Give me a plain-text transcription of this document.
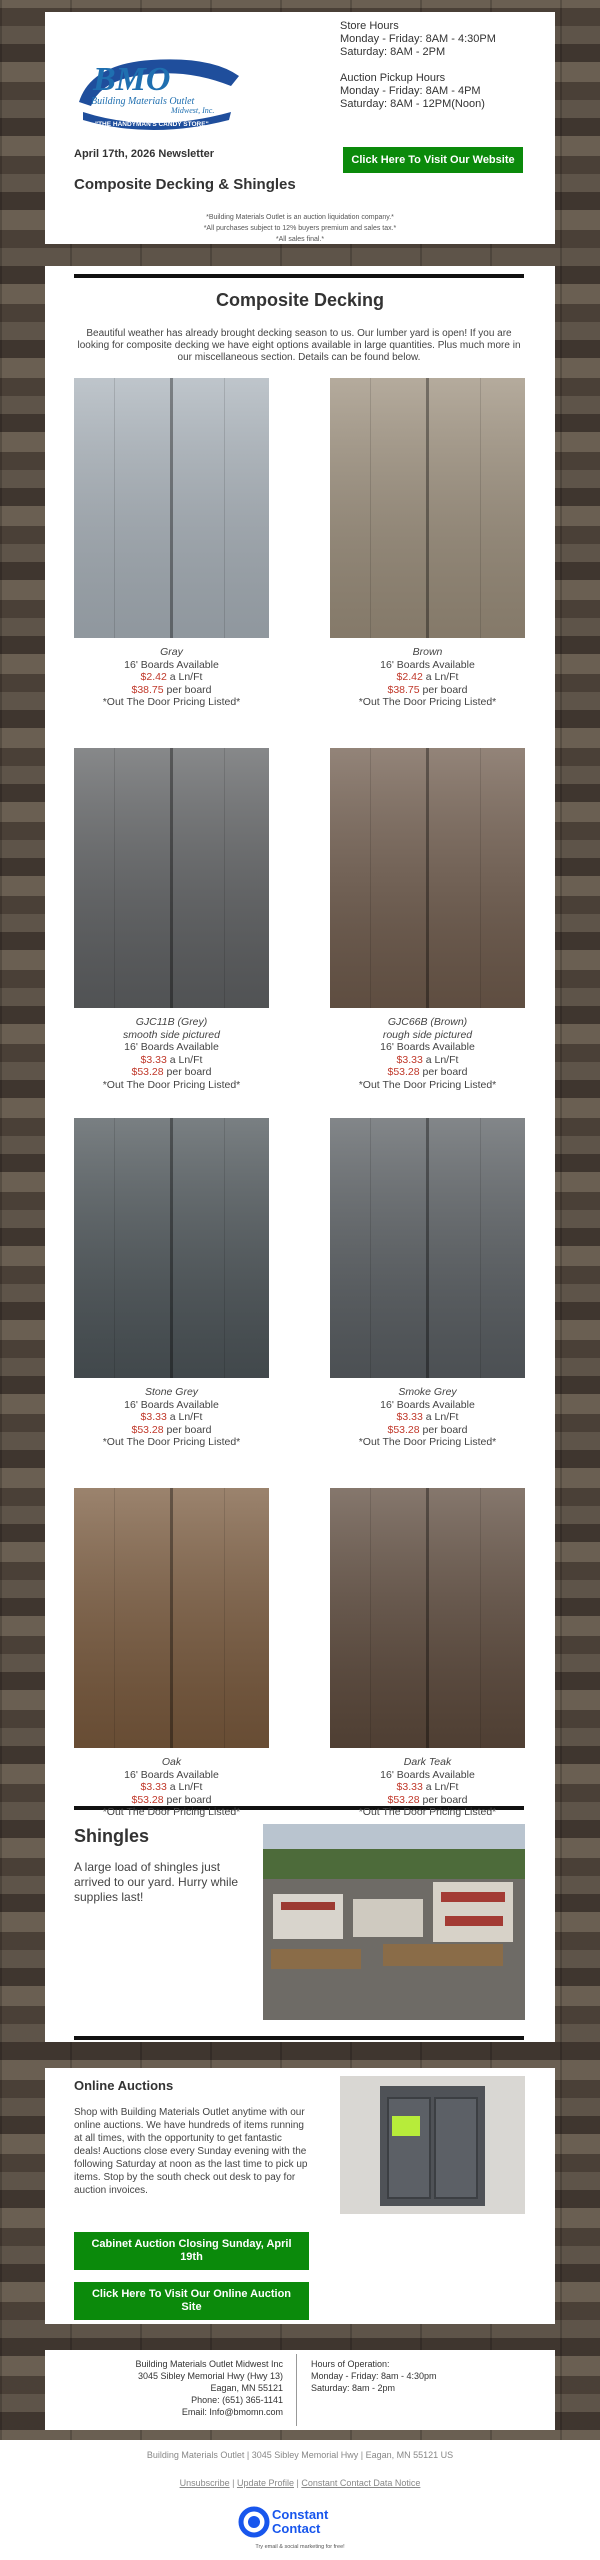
BMO
Building Materials Outlet
Midwest, Inc.
"THE HANDYMAN'S CANDY STORE"
Store Hours
Monday - Friday: 8AM - 4:30PM
Saturday: 8AM - 2PM
Auction Pickup Hours
Monday - Friday: 8AM - 4PM
Saturday: 8AM - 12PM(Noon)
April 17th, 2026 Newsletter	Click Here To Visit Our Website
Composite Decking & Shingles
*Building Materials Outlet is an auction liquidation company.*
*All purchases subject to 12% buyers premium and sales tax.*
*All sales final.*
Composite Decking
Beautiful weather has already brought decking season to us. Our lumber yard is open! If you are looking for composite decking we have eight options available in large quantities. Plus much more in our miscellaneous section. Details can be found below.
Shingles
A large load of shingles just arrived to our yard. Hurry while supplies last!
Gray
16' Boards Available
$2.42 a Ln/Ft
$38.75 per board
*Out The Door Pricing Listed*
Brown
16' Boards Available
$2.42 a Ln/Ft
$38.75 per board
*Out The Door Pricing Listed*
GJC11B (Grey)
smooth side pictured
16' Boards Available
$3.33 a Ln/Ft
$53.28 per board
*Out The Door Pricing Listed*
GJC66B (Brown)
rough side pictured
16' Boards Available
$3.33 a Ln/Ft
$53.28 per board
*Out The Door Pricing Listed*
Stone Grey
16' Boards Available
$3.33 a Ln/Ft
$53.28 per board
*Out The Door Pricing Listed*
Smoke Grey
16' Boards Available
$3.33 a Ln/Ft
$53.28 per board
*Out The Door Pricing Listed*
Oak
16' Boards Available
$3.33 a Ln/Ft
$53.28 per board
*Out The Door Pricing Listed*
Dark Teak
16' Boards Available
$3.33 a Ln/Ft
$53.28 per board
*Out The Door Pricing Listed*
Online Auctions
Shop with Building Materials Outlet anytime with our online auctions. We have hundreds of items running at all times, with the opportunity to get fantastic deals! Auctions close every Sunday evening with the following Saturday at noon as the last time to pick up items. Stop by the south check out desk to pay for auction invoices.
Cabinet Auction Closing Sunday, April 19th
Click Here To Visit Our Online Auction Site
Building Materials Outlet Midwest Inc
3045 Sibley Memorial Hwy (Hwy 13)
Eagan, MN 55121
Phone: (651) 365-1141
Email: Info@bmomn.com
Hours of Operation:
Monday - Friday: 8am - 4:30pm
Saturday: 8am - 2pm
Building Materials Outlet | 3045 Sibley Memorial Hwy | Eagan, MN 55121 US
Unsubscribe | Update Profile | Constant Contact Data Notice
Constant
Contact
Try email & social marketing for free!
